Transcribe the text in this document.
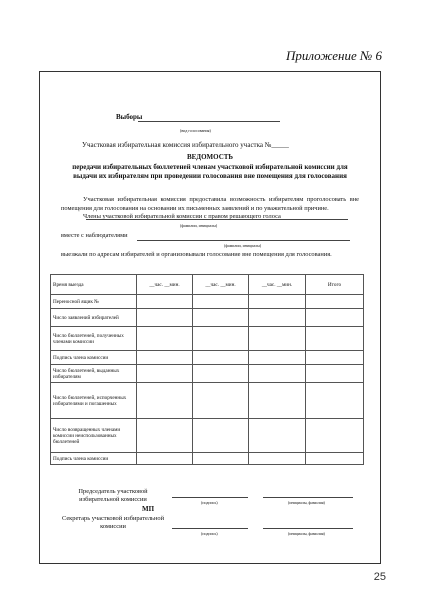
Приложение № 6
Выборы
(вид голосования)
Участковая избирательная комиссия избирательного участка №_____
ВЕДОМОСТЬ
передачи избирательных бюллетеней членам участковой избирательной комиссии для выдачи их избирателям при проведении голосования вне помещения для голосования
Участковая избирательная комиссия предоставила возможность избирателям проголосовать вне помещения для голосования на основании их письменных заявлений и по уважительной причине.
Члены участковой избирательной комиссии с правом решающего голоса
(фамилии, инициалы)
вместе с наблюдателями
(фамилии, инициалы)
выезжали по адресам избирателей и организовывали голосование вне помещения для голосования.
Время выезда	__час. __мин.	__час. __мин.	__час. __мин.	Итого
Переносной ящик №				
Число заявлений избирателей				
Число бюллетеней, полученных членами комиссии				
Подпись члена комиссии				
Число бюллетеней, выданных избирателям				
Число бюллетеней, испорченных избирателями и погашенных				
Число возвращенных членами комиссии неиспользованных бюллетеней				
Подпись члена комиссии				
Председатель участковой избирательной комиссии	(подпись)	(инициалы, фамилия)
МП
Секретарь участковой избирательной комиссии
(подпись)	(инициалы, фамилия)
25
